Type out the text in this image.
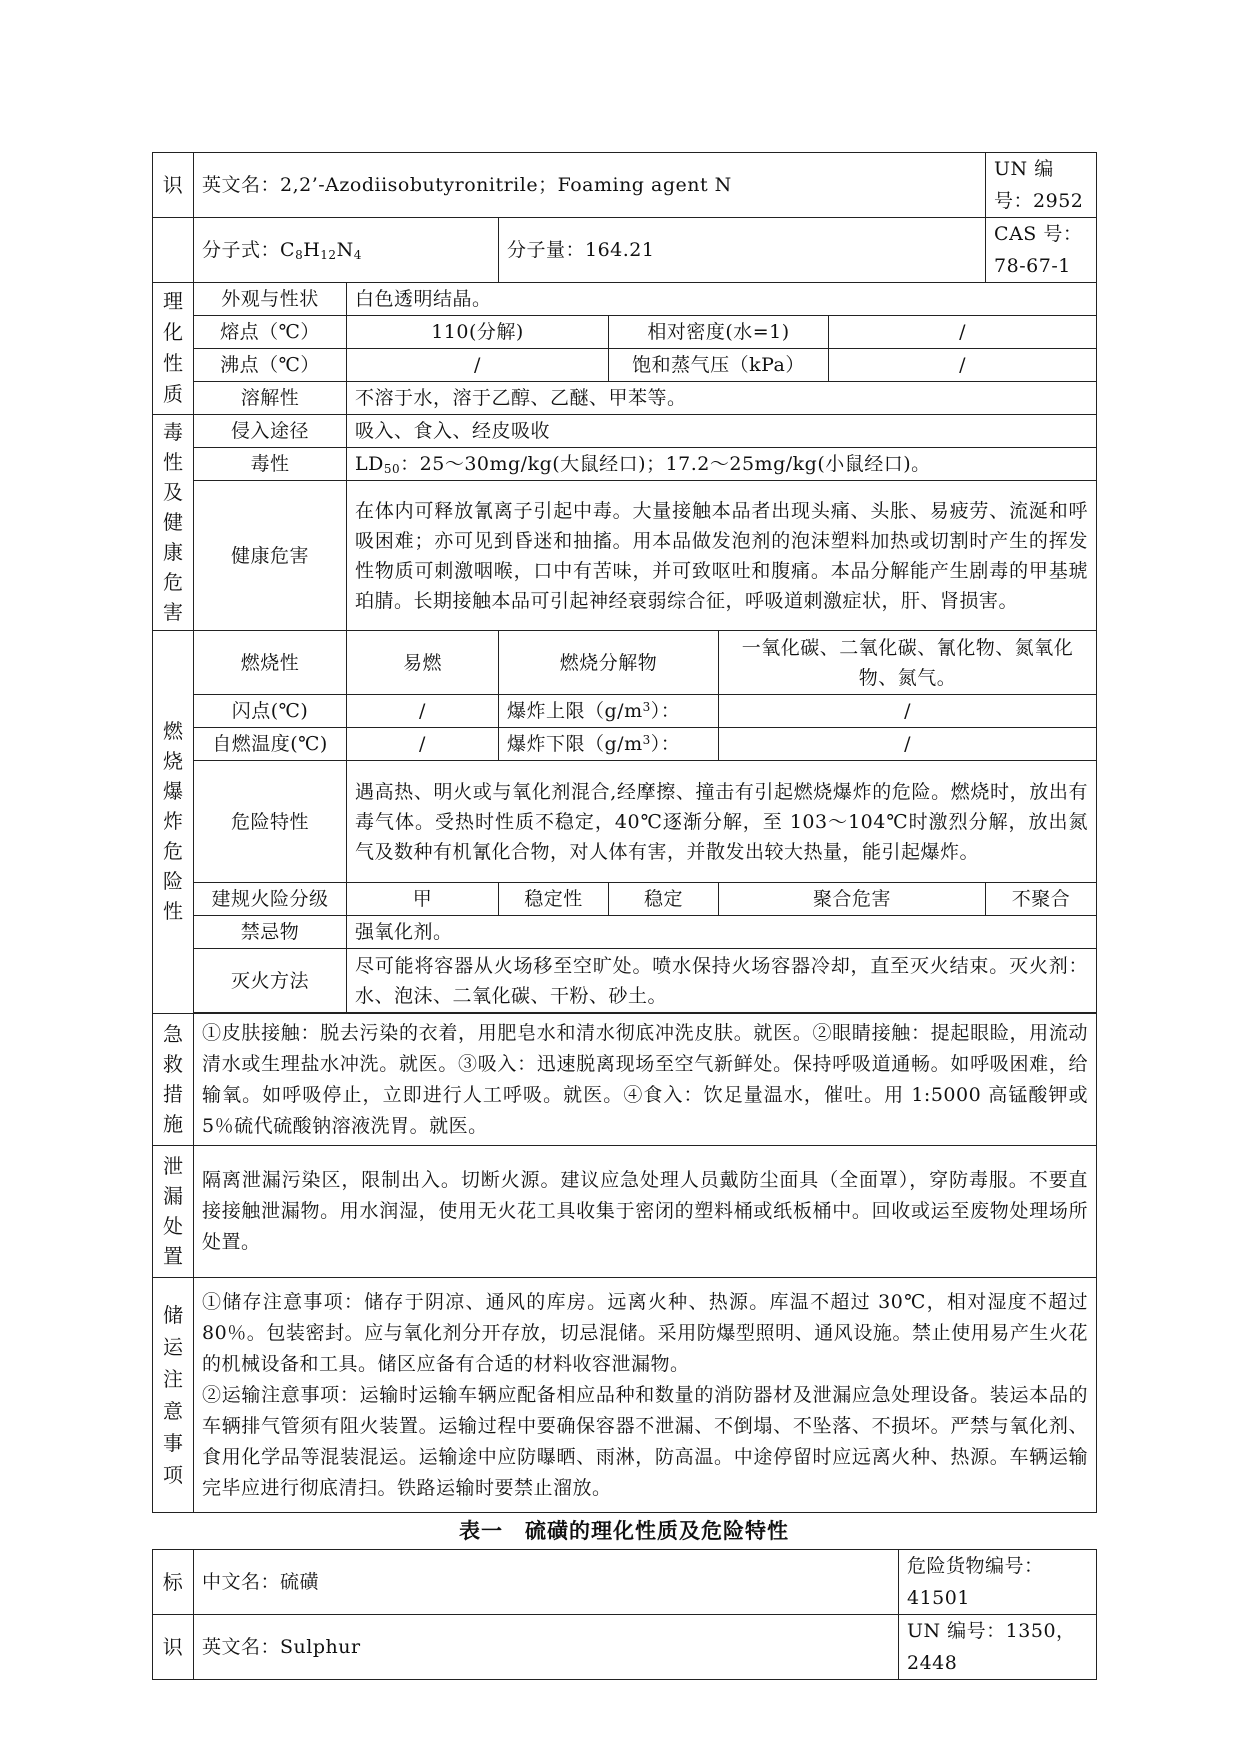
识	英文名：2,2’-Azodiisobutyronitrile；Foaming agent N						UN 编号：2952
	分子式：$C_8H_{12}N_4$		分子量：164.21				CAS 号：78-67-1
理化性质	外观与性状	白色透明结晶。					
	熔点（℃）	110(分解)		相对密度(水=1)		/	
	沸点（℃）	/		饱和蒸气压（kPa）		/	
	溶解性	不溶于水，溶于乙醇、乙醚、甲苯等。					
毒性及健康危害	侵入途径	吸入、食入、经皮吸收					
	毒性	$LD_{50}$：25～30mg/kg(大鼠经口)；17.2～25mg/kg(小鼠经口)。					
	健康危害	在体内可释放氰离子引起中毒。大量接触本品者出现头痛、头胀、易疲劳、流涎和呼吸困难；亦可见到昏迷和抽搐。用本品做发泡剂的泡沫塑料加热或切割时产生的挥发性物质可刺激咽喉，口中有苦味，并可致呕吐和腹痛。本品分解能产生剧毒的甲基琥珀腈。长期接触本品可引起神经衰弱综合征，呼吸道刺激症状，肝、肾损害。					
燃烧爆炸危险性	燃烧性	易燃	燃烧分解物		一氧化碳、二氧化碳、氰化物、氮氧化物、氮气。		
	闪点(℃)	/	爆炸上限$(g/m^3)$：		/		
	自燃温度(℃)	/	爆炸下限$(g/m^3)$：		/		
	危险特性	遇高热、明火或与氧化剂混合,经摩擦、撞击有引起燃烧爆炸的危险。燃烧时，放出有毒气体。受热时性质不稳定，40℃逐渐分解，至 103～104℃时激烈分解，放出氮气及数种有机氰化合物，对人体有害，并散发出较大热量，能引起爆炸。					
	建规火险分级	甲	稳定性	稳定	聚合危害		不聚合
	禁忌物	强氧化剂。					
	灭火方法	尽可能将容器从火场移至空旷处。喷水保持火场容器冷却，直至灭火结束。灭火剂：水、泡沫、二氧化碳、干粉、砂土。					

急救措施	①皮肤接触：脱去污染的衣着，用肥皂水和清水彻底冲洗皮肤。就医。②眼睛接触：提起眼睑，用流动清水或生理盐水冲洗。就医。③吸入：迅速脱离现场至空气新鲜处。保持呼吸道通畅。如呼吸困难，给输氧。如呼吸停止，立即进行人工呼吸。就医。④食入：饮足量温水，催吐。用 1:5000 高锰酸钾或 5％硫代硫酸钠溶液洗胃。就医。						
泄漏处置	隔离泄漏污染区，限制出入。切断火源。建议应急处理人员戴防尘面具（全面罩），穿防毒服。不要直接接触泄漏物。用水润湿，使用无火花工具收集于密闭的塑料桶或纸板桶中。回收或运至废物处理场所处置。						
储运注意事项	①储存注意事项：储存于阴凉、通风的库房。远离火种、热源。库温不超过 30℃，相对湿度不超过 80％。包装密封。应与氧化剂分开存放，切忌混储。采用防爆型照明、通风设施。禁止使用易产生火花的机械设备和工具。储区应备有合适的材料收容泄漏物。
②运输注意事项：运输时运输车辆应配备相应品种和数量的消防器材及泄漏应急处理设备。装运本品的车辆排气管须有阻火装置。运输过程中要确保容器不泄漏、不倒塌、不坠落、不损坏。严禁与氧化剂、食用化学品等混装混运。运输途中应防曝晒、雨淋，防高温。中途停留时应远离火种、热源。车辆运输完毕应进行彻底清扫。铁路运输时要禁止溜放。						
表一　硫磺的理化性质及危险特性
标	中文名：硫磺	危险货物编号：41501
识	英文名：Sulphur	UN 编号：1350，2448
